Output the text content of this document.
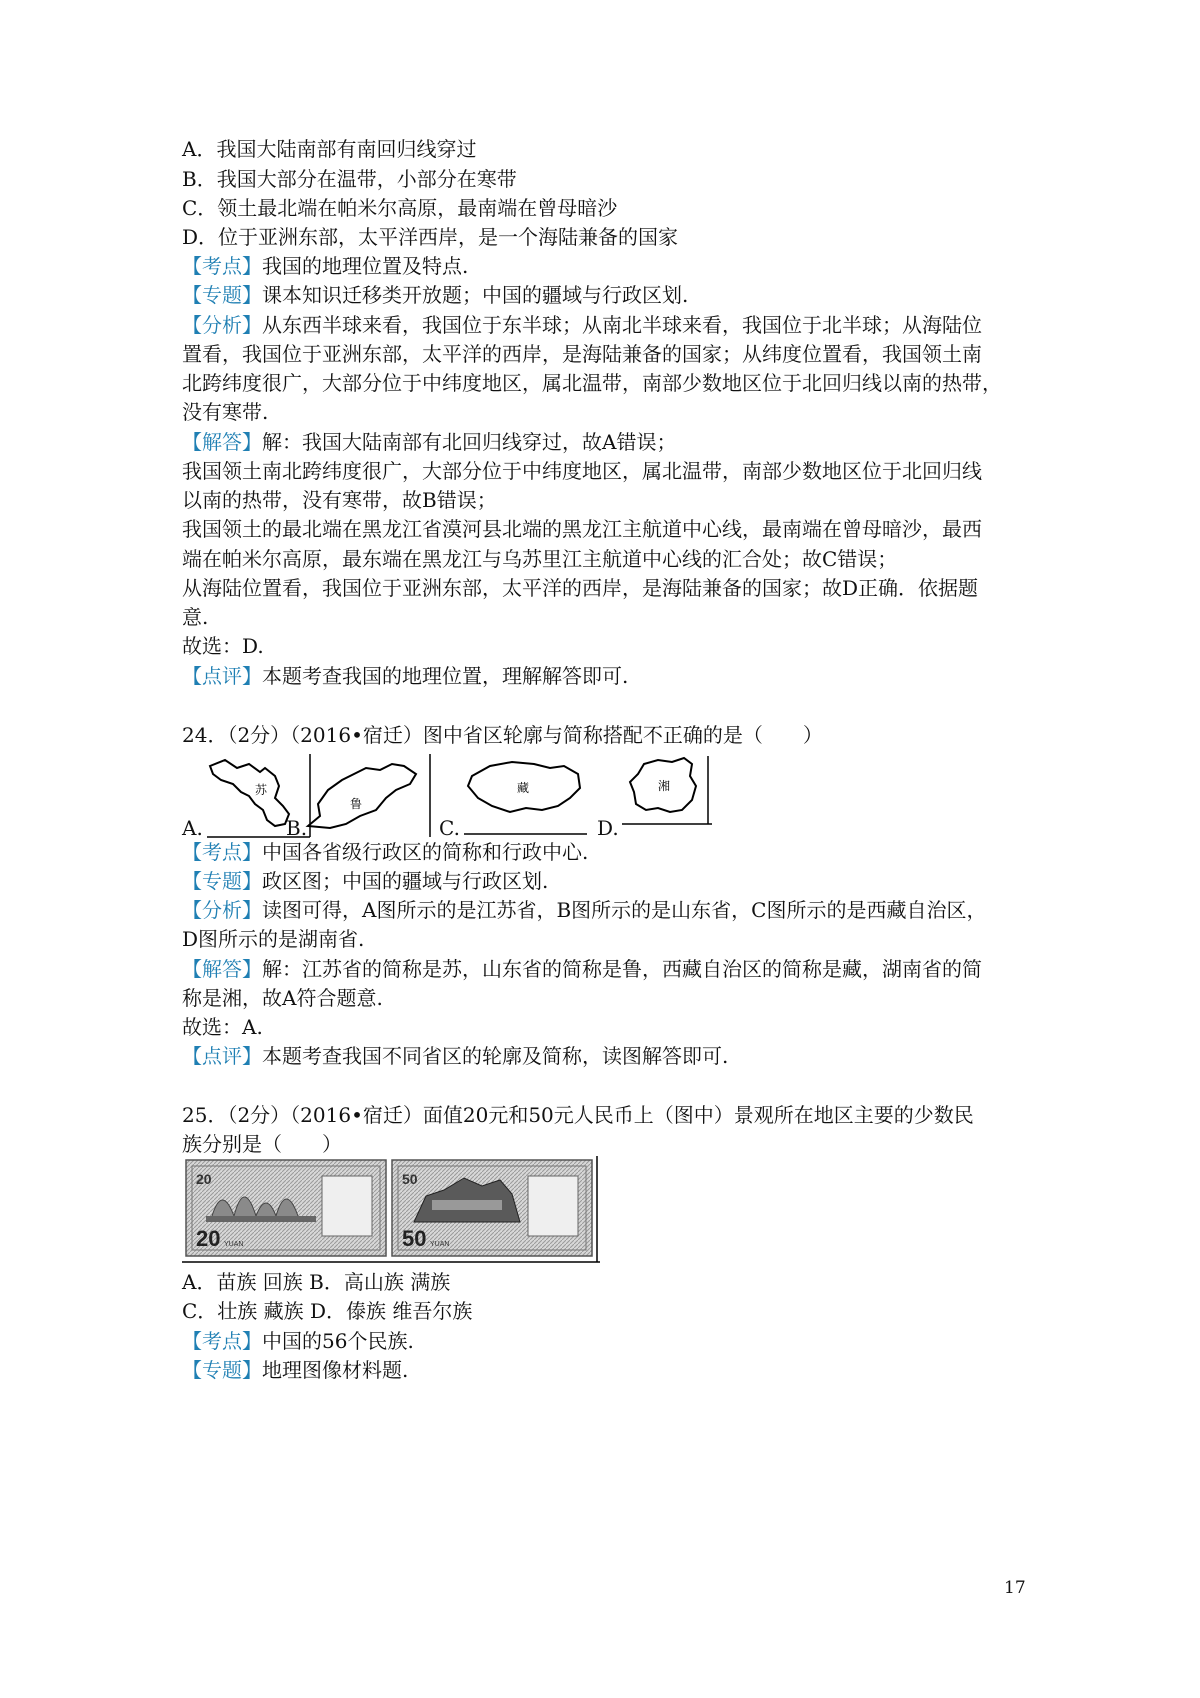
A．我国大陆南部有南回归线穿过
B．我国大部分在温带，小部分在寒带
C．领土最北端在帕米尔高原，最南端在曾母暗沙
D．位于亚洲东部，太平洋西岸，是一个海陆兼备的国家
【考点】我国的地理位置及特点.
【专题】课本知识迁移类开放题；中国的疆域与行政区划.
【分析】从东西半球来看，我国位于东半球；从南北半球来看，我国位于北半球；从海陆位
置看，我国位于亚洲东部，太平洋的西岸，是海陆兼备的国家；从纬度位置看，我国领土南
北跨纬度很广，大部分位于中纬度地区，属北温带，南部少数地区位于北回归线以南的热带，
没有寒带.
【解答】解：我国大陆南部有北回归线穿过，故A错误；
我国领土南北跨纬度很广，大部分位于中纬度地区，属北温带，南部少数地区位于北回归线
以南的热带，没有寒带，故B错误；
我国领土的最北端在黑龙江省漠河县北端的黑龙江主航道中心线，最南端在曾母暗沙，最西
端在帕米尔高原，最东端在黑龙江与乌苏里江主航道中心线的汇合处；故C错误；
从海陆位置看，我国位于亚洲东部，太平洋的西岸，是海陆兼备的国家；故D正确．依据题
意.
故选：D.
【点评】本题考查我国的地理位置，理解解答即可.
24．（2分）（2016•宿迁）图中省区轮廓与简称搭配不正确的是（　　）
A.
苏
B.
鲁
C.
藏
D.
湘
【考点】中国各省级行政区的简称和行政中心.
【专题】政区图；中国的疆域与行政区划.
【分析】读图可得，A图所示的是江苏省，B图所示的是山东省，C图所示的是西藏自治区，
D图所示的是湖南省.
【解答】解：江苏省的简称是苏，山东省的简称是鲁，西藏自治区的简称是藏，湖南省的简
称是湘，故A符合题意.
故选：A.
【点评】本题考查我国不同省区的轮廓及简称，读图解答即可.
25．（2分）（2016•宿迁）面值20元和50元人民币上（图中）景观所在地区主要的少数民
族分别是（　　）
20
20 YUAN
50
50 YUAN
A．苗族 回族 B．高山族 满族
C．壮族 藏族 D．傣族 维吾尔族
【考点】中国的56个民族.
【专题】地理图像材料题.
17
